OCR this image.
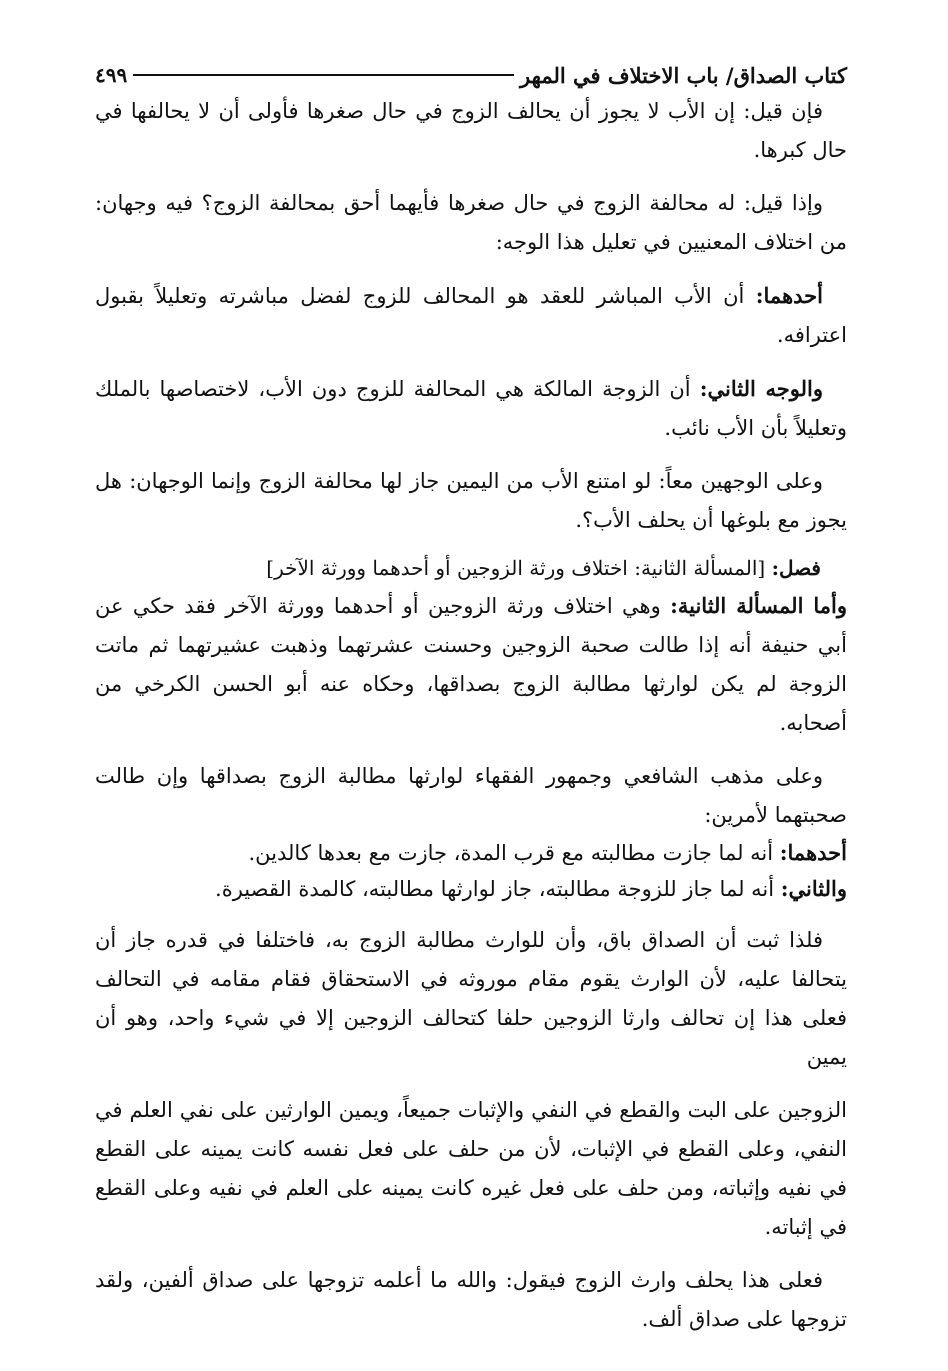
كتاب الصداق/ باب الاختلاف في المهر
٤٩٩

فإن قيل: إن الأب لا يجوز أن يحالف الزوج في حال صغرها فأولى أن لا يحالفها في حال كبرها.

وإذا قيل: له محالفة الزوج في حال صغرها فأيهما أحق بمحالفة الزوج؟ فيه وجهان: من اختلاف المعنيين في تعليل هذا الوجه:

أحدهما: أن الأب المباشر للعقد هو المحالف للزوج لفضل مباشرته وتعليلاً بقبول اعترافه.

والوجه الثاني: أن الزوجة المالكة هي المحالفة للزوج دون الأب، لاختصاصها بالملك وتعليلاً بأن الأب نائب.

وعلى الوجهين معاً: لو امتنع الأب من اليمين جاز لها محالفة الزوج وإنما الوجهان: هل يجوز مع بلوغها أن يحلف الأب؟.

فصل: [المسألة الثانية: اختلاف ورثة الزوجين أو أحدهما وورثة الآخر]

وأما المسألة الثانية: وهي اختلاف ورثة الزوجين أو أحدهما وورثة الآخر فقد حكي عن أبي حنيفة أنه إذا طالت صحبة الزوجين وحسنت عشرتهما وذهبت عشيرتهما ثم ماتت الزوجة لم يكن لوارثها مطالبة الزوج بصداقها، وحكاه عنه أبو الحسن الكرخي من أصحابه.

وعلى مذهب الشافعي وجمهور الفقهاء لوارثها مطالبة الزوج بصداقها وإن طالت صحبتهما لأمرين:

أحدهما: أنه لما جازت مطالبته مع قرب المدة، جازت مع بعدها كالدين.

والثاني: أنه لما جاز للزوجة مطالبته، جاز لوارثها مطالبته، كالمدة القصيرة.

فلذا ثبت أن الصداق باق، وأن للوارث مطالبة الزوج به، فاختلفا في قدره جاز أن يتحالفا عليه، لأن الوارث يقوم مقام موروثه في الاستحقاق فقام مقامه في التحالف فعلى هذا إن تحالف وارثا الزوجين حلفا كتحالف الزوجين إلا في شيء واحد، وهو أن يمين

الزوجين على البت والقطع في النفي والإثبات جميعاً، ويمين الوارثين على نفي العلم في النفي، وعلى القطع في الإثبات، لأن من حلف على فعل نفسه كانت يمينه على القطع في نفيه وإثباته، ومن حلف على فعل غيره كانت يمينه على العلم في نفيه وعلى القطع في إثباته.

فعلى هذا يحلف وارث الزوج فيقول: والله ما أعلمه تزوجها على صداق ألفين، ولقد تزوجها على صداق ألف.
